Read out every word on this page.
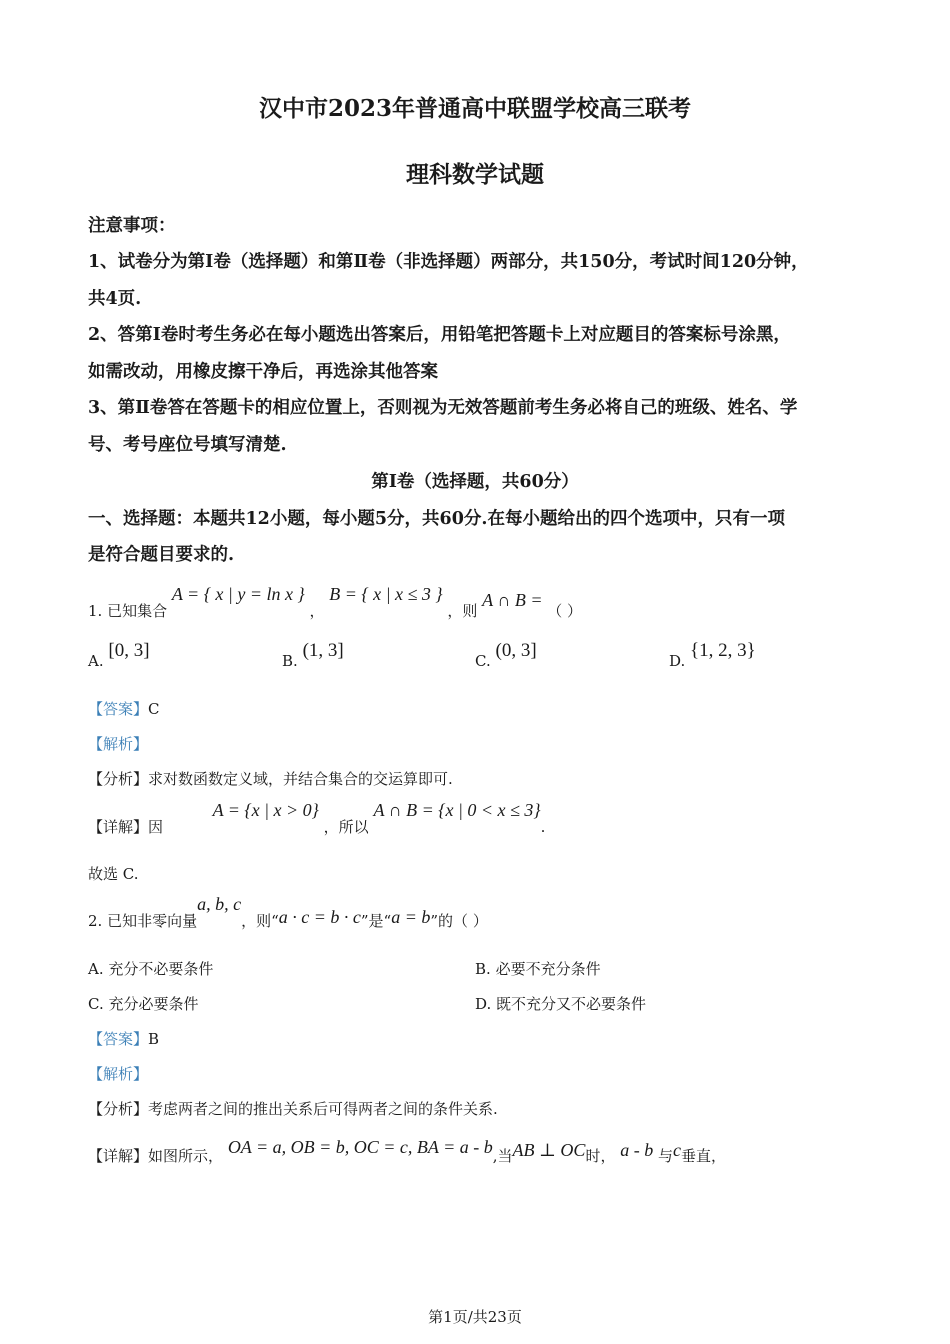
汉中市2023年普通高中联盟学校高三联考
理科数学试题
注意事项：
1、试卷分为第Ⅰ卷（选择题）和第Ⅱ卷（非选择题）两部分，共150分，考试时间120分钟，
共4页.
2、答第Ⅰ卷时考生务必在每小题选出答案后，用铅笔把答题卡上对应题目的答案标号涂黑，
如需改动，用橡皮擦干净后，再选涂其他答案
3、第Ⅱ卷答在答题卡的相应位置上，否则视为无效答题前考生务必将自己的班级、姓名、学
号、考号座位号填写清楚.
第Ⅰ卷（选择题，共60分）
一、选择题：本题共12小题，每小题5分，共60分.在每小题给出的四个选项中，只有一项
是符合题目要求的.
1. 已知集合 A = { x | y = ln x } ， B = { x | x ≤ 3 } ，则 A ∩ B = （ ）
A. [0, 3]	B. (1, 3]	C. (0, 3]	D. {1, 2, 3}
【答案】C
【解析】
【分析】求对数函数定义域，并结合集合的交运算即可.
【详解】因  A = {x | x > 0} ，所以 A ∩ B = {x | 0 < x ≤ 3}.
故选 C.
2. 已知非零向量a, b, c，则“a · c = b · c”是“a = b”的（ ）
A. 充分不必要条件	B. 必要不充分条件
C. 充分必要条件	D. 既不充分又不必要条件
【答案】B
【解析】
【分析】考虑两者之间的推出关系后可得两者之间的条件关系.
【详解】如图所示， OA = a, OB = b, OC = c, BA = a - b,当AB ⊥ OC时， a - b 与c垂直，
第1页/共23页
